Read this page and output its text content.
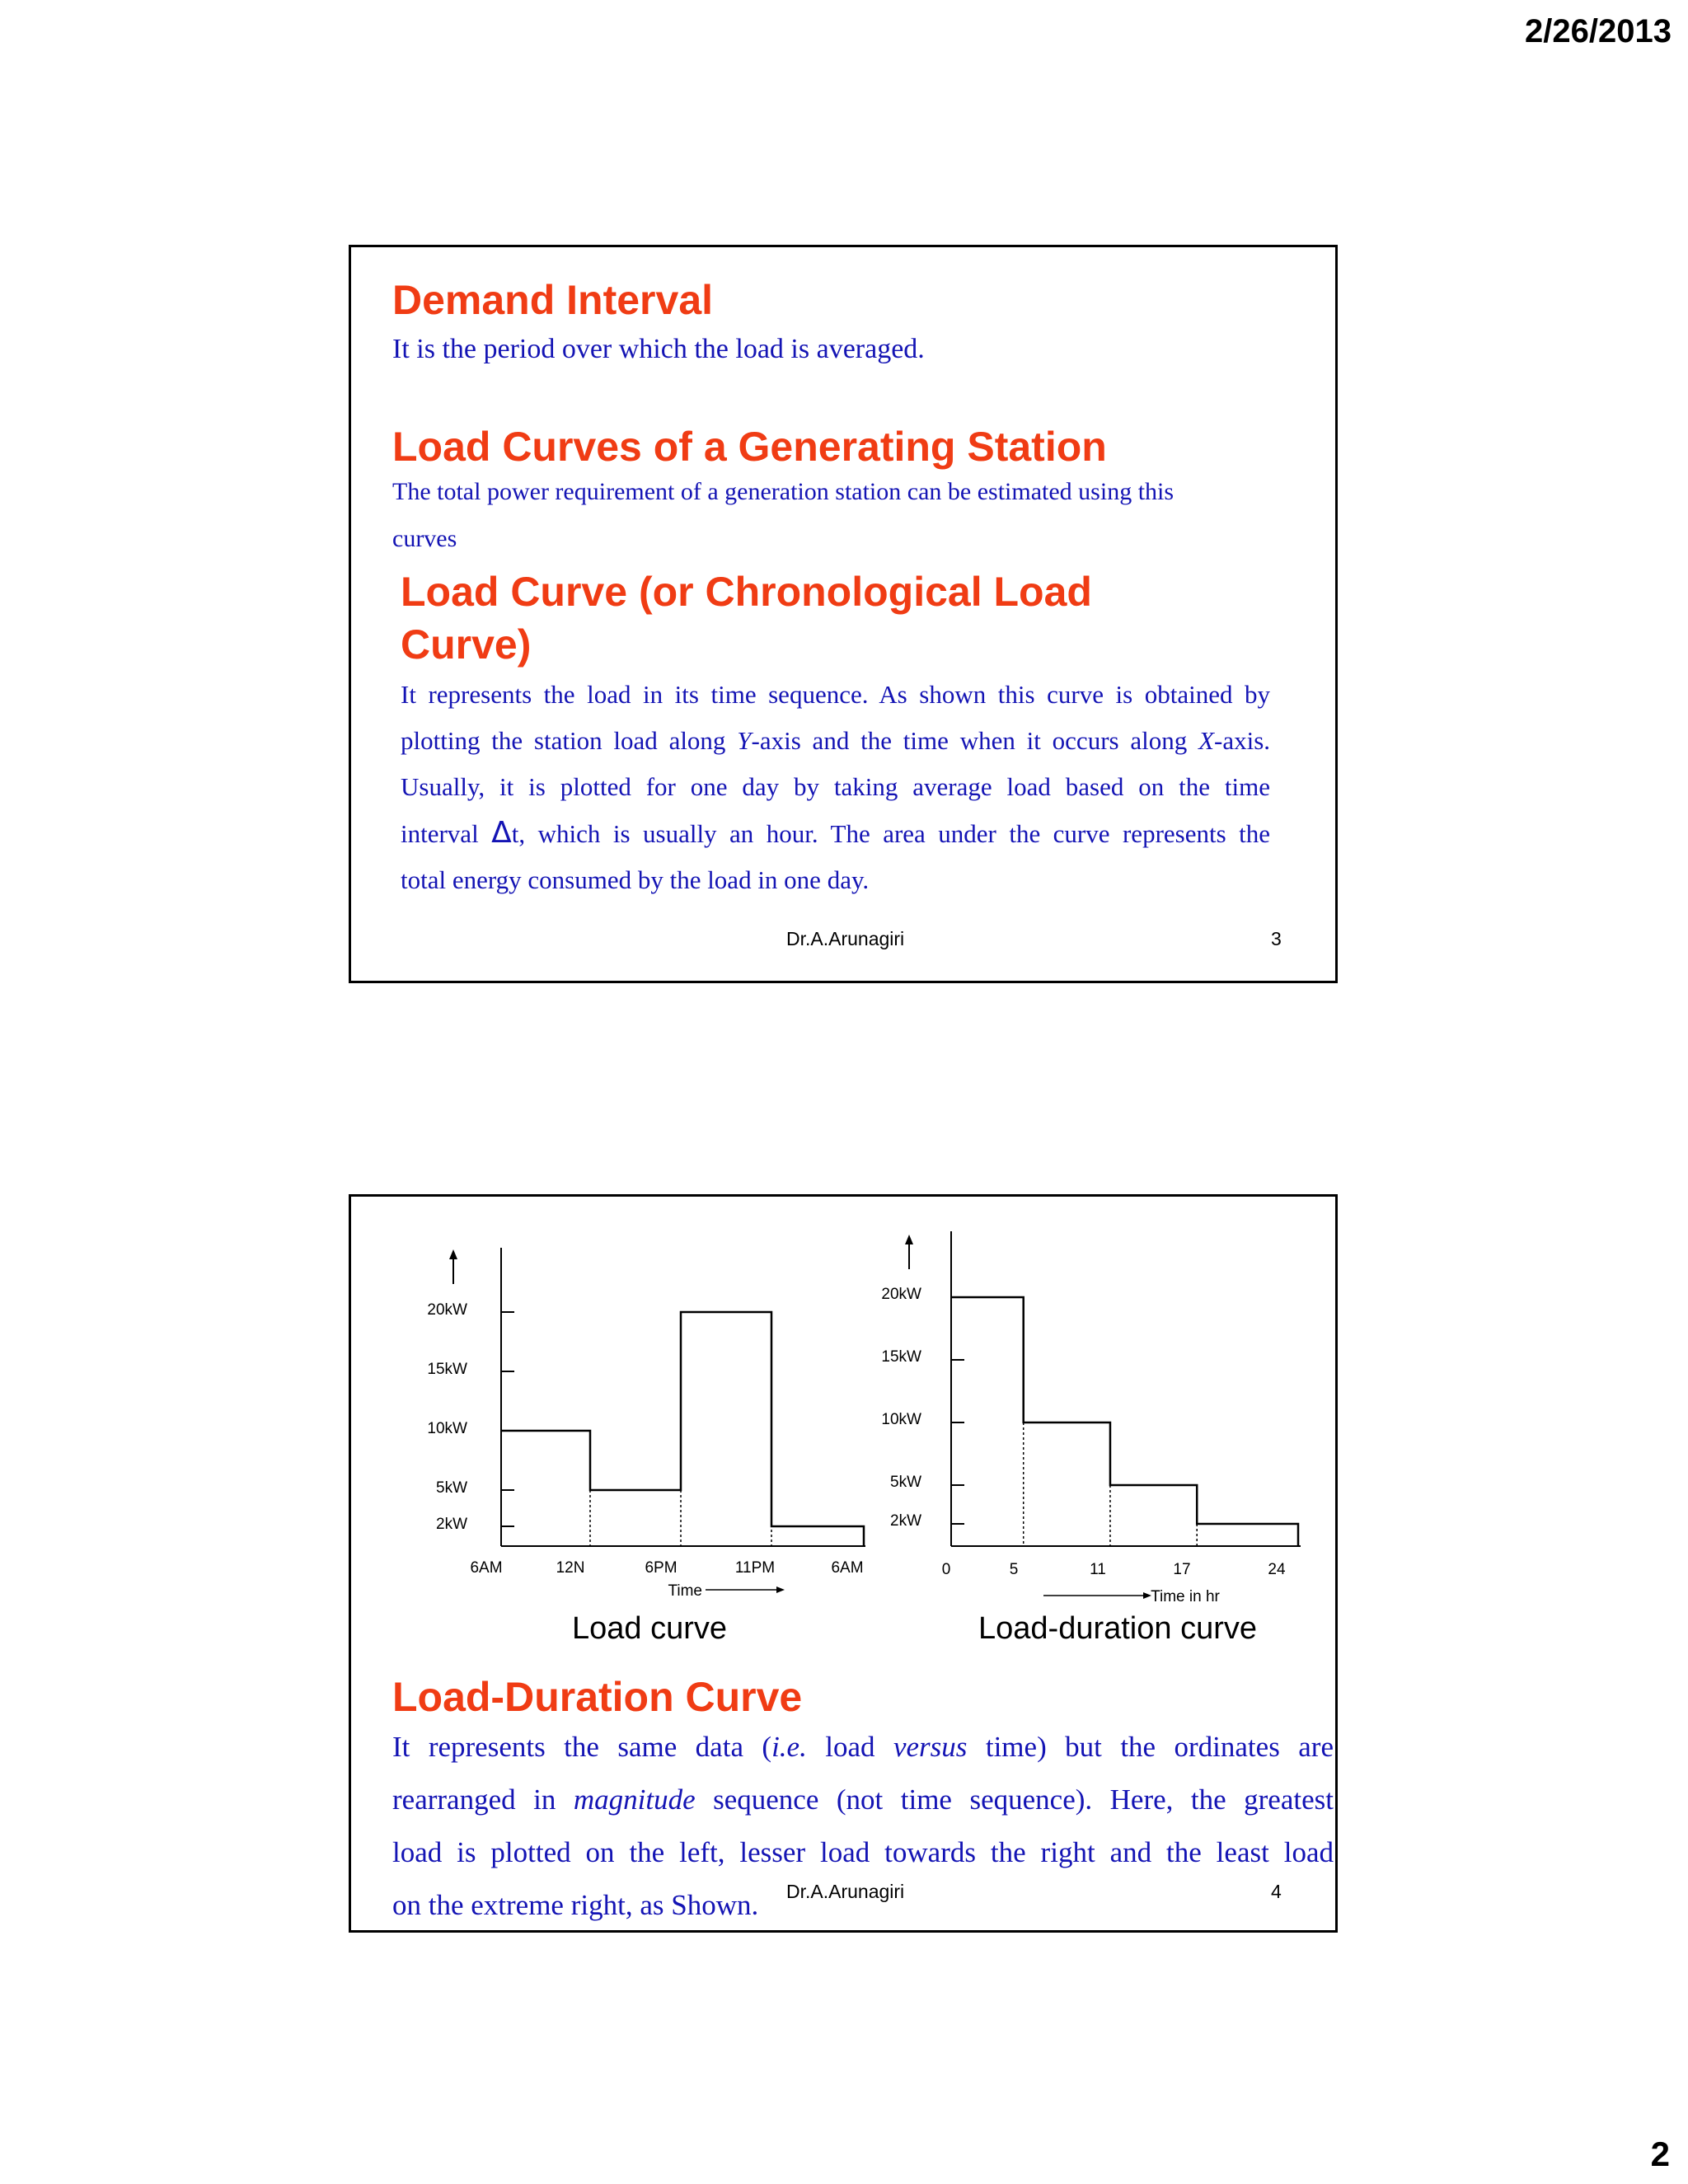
2/26/2013
Demand Interval
It is the period over which the load is averaged.
Load Curves of a Generating Station
The total power requirement of a generation station can be estimated using this
curves
Load Curve (or Chronological Load
Curve)
It represents the load in its time sequence. As shown this curve is obtained by
plotting the station load along Y-axis and the time when it occurs along X-axis.
Usually, it is plotted for one day by taking average load based on the time
interval Δt, which is usually an hour. The area under the curve represents the
total energy consumed by the load in one day.
Dr.A.Arunagiri	3
20kW
15kW
10kW
5kW
2kW
6AM	12N	6PM	11PM	6AM
Time
Load curve
20kW
15kW
10kW
5kW
2kW
0	5	11	17	24
Time in hr
Load-duration curve
Load-Duration Curve
It represents the same data (i.e. load versus time) but the ordinates are
rearranged in magnitude sequence (not time sequence). Here, the greatest
load is plotted on the left, lesser load towards the right and the least load
on the extreme right, as Shown.	Dr.A.Arunagiri	4
2
